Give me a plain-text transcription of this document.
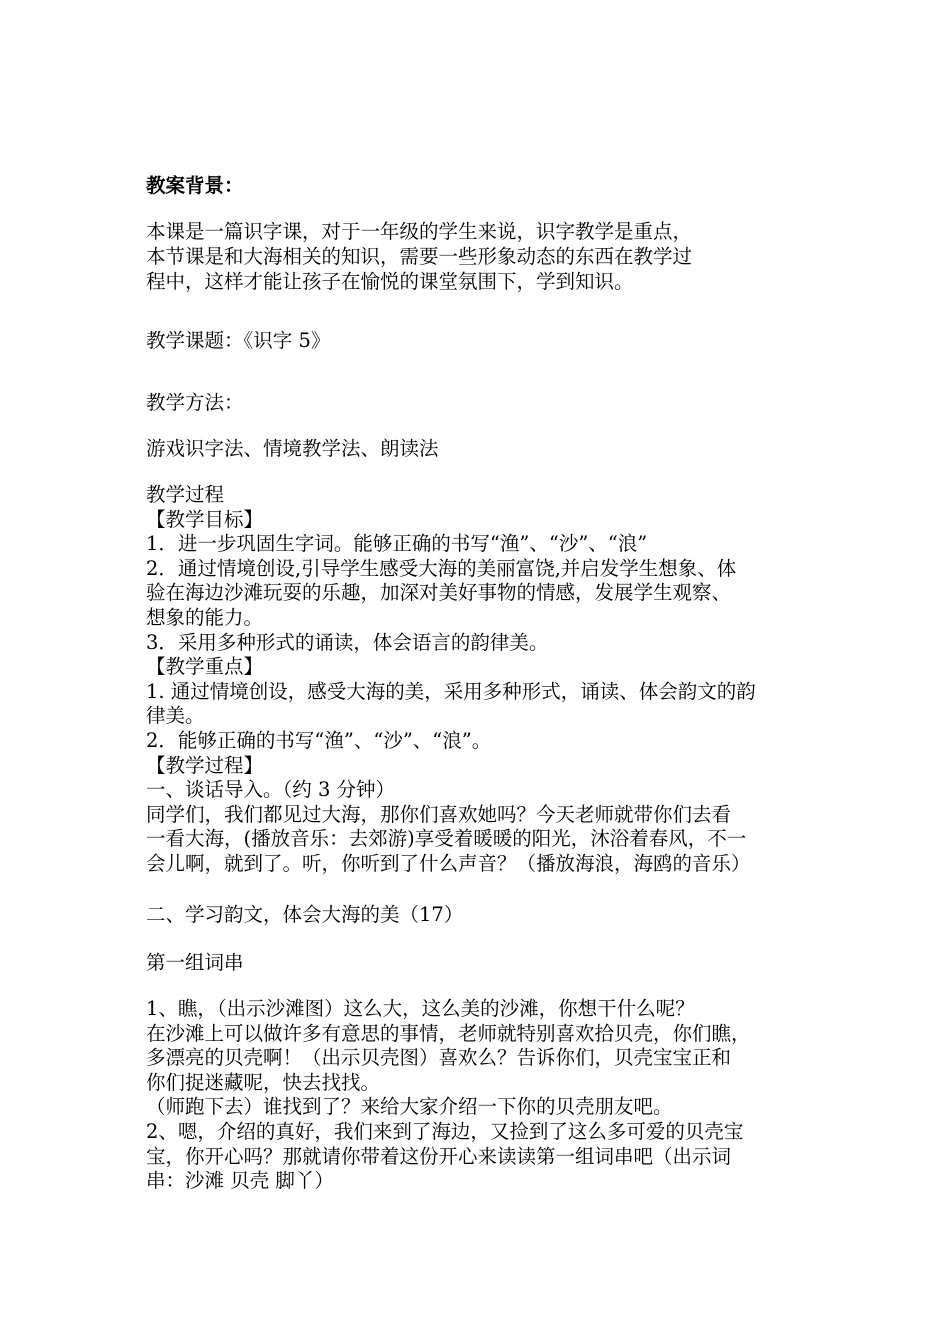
教案背景：
本课是一篇识字课，对于一年级的学生来说，识字教学是重点，
本节课是和大海相关的知识，需要一些形象动态的东西在教学过
程中，这样才能让孩子在愉悦的课堂氛围下，学到知识。
教学课题：《识字 5》
教学方法：
游戏识字法、情境教学法、朗读法
教学过程
【教学目标】
1．进一步巩固生字词。能够正确的书写“渔”、“沙”、“浪”
2．通过情境创设,引导学生感受大海的美丽富饶,并启发学生想象、体
验在海边沙滩玩耍的乐趣，加深对美好事物的情感，发展学生观察、
想象的能力。
3．采用多种形式的诵读，体会语言的韵律美。
【教学重点】
1. 通过情境创设，感受大海的美，采用多种形式，诵读、体会韵文的韵
律美。
2．能够正确的书写“渔”、“沙”、“浪”。
【教学过程】
一、谈话导入。（约 3 分钟）
同学们，我们都见过大海，那你们喜欢她吗？今天老师就带你们去看
一看大海，(播放音乐：去郊游)享受着暖暖的阳光，沐浴着春风，不一
会儿啊，就到了。听，你听到了什么声音？（播放海浪，海鸥的音乐）
二、学习韵文，体会大海的美（17）
第一组词串
1、瞧，（出示沙滩图）这么大，这么美的沙滩，你想干什么呢？
在沙滩上可以做许多有意思的事情，老师就特别喜欢拾贝壳，你们瞧，
多漂亮的贝壳啊！（出示贝壳图）喜欢么？告诉你们，贝壳宝宝正和
你们捉迷藏呢，快去找找。
（师跑下去）谁找到了？来给大家介绍一下你的贝壳朋友吧。
2、嗯，介绍的真好，我们来到了海边，又捡到了这么多可爱的贝壳宝
宝，你开心吗？那就请你带着这份开心来读读第一组词串吧（出示词
串：沙滩 贝壳 脚丫）
